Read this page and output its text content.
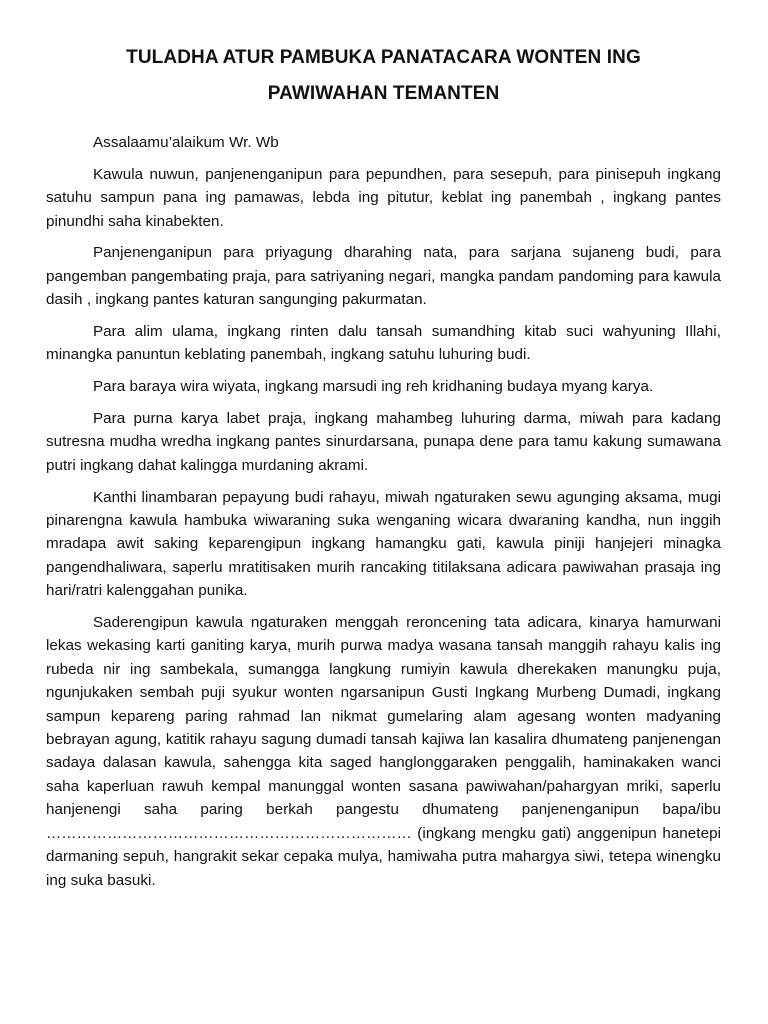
TULADHA ATUR PAMBUKA PANATACARA WONTEN ING
PAWIWAHAN TEMANTEN

Assalaamu’alaikum Wr. Wb

Kawula nuwun, panjenenganipun para pepundhen, para sesepuh, para pinisepuh ingkang satuhu sampun pana ing pamawas, lebda ing pitutur, keblat ing panembah , ingkang pantes pinundhi saha kinabekten.

Panjenenganipun para priyagung dharahing nata, para sarjana sujaneng budi, para pangemban pangembating praja, para satriyaning negari, mangka pandam pandoming para kawula dasih , ingkang pantes katuran sangunging pakurmatan.

Para alim ulama, ingkang rinten dalu tansah sumandhing kitab suci wahyuning Illahi, minangka panuntun keblating panembah, ingkang satuhu luhuring budi.

Para baraya wira wiyata, ingkang marsudi ing reh kridhaning budaya myang karya.

Para purna karya labet praja, ingkang mahambeg luhuring darma, miwah para kadang sutresna mudha wredha ingkang pantes sinurdarsana, punapa dene para tamu kakung sumawana putri ingkang dahat kalingga murdaning akrami.

Kanthi linambaran pepayung budi rahayu, miwah ngaturaken sewu agunging aksama, mugi pinarengna kawula hambuka wiwaraning suka wenganing wicara dwaraning kandha, nun inggih mradapa awit saking keparengipun ingkang hamangku gati, kawula piniji hanjejeri minagka pangendhaliwara, saperlu mratitisaken murih rancaking titilaksana adicara pawiwahan prasaja ing hari/ratri kalenggahan punika.

Saderengipun kawula ngaturaken menggah reroncening tata adicara, kinarya hamurwani lekas wekasing karti ganiting karya, murih purwa madya wasana tansah manggih rahayu kalis ing rubeda nir ing sambekala, sumangga langkung rumiyin kawula dherekaken manungku puja, ngunjukaken sembah puji syukur wonten ngarsanipun Gusti Ingkang Murbeng Dumadi, ingkang sampun kepareng paring rahmad lan nikmat gumelaring alam agesang wonten madyaning bebrayan agung, katitik rahayu sagung dumadi tansah kajiwa lan kasalira dhumateng panjenengan sadaya dalasan kawula, sahengga kita saged hanglonggaraken penggalih, haminakaken wanci saha kaperluan rawuh kempal manunggal wonten sasana pawiwahan/pahargyan mriki, saperlu hanjenengi saha paring berkah pangestu dhumateng panjenenganipun bapa/ibu ……………………………………………………………… (ingkang mengku gati) anggenipun hanetepi darmaning sepuh, hangrakit sekar cepaka mulya, hamiwaha putra mahargya siwi, tetepa winengku ing suka basuki.
